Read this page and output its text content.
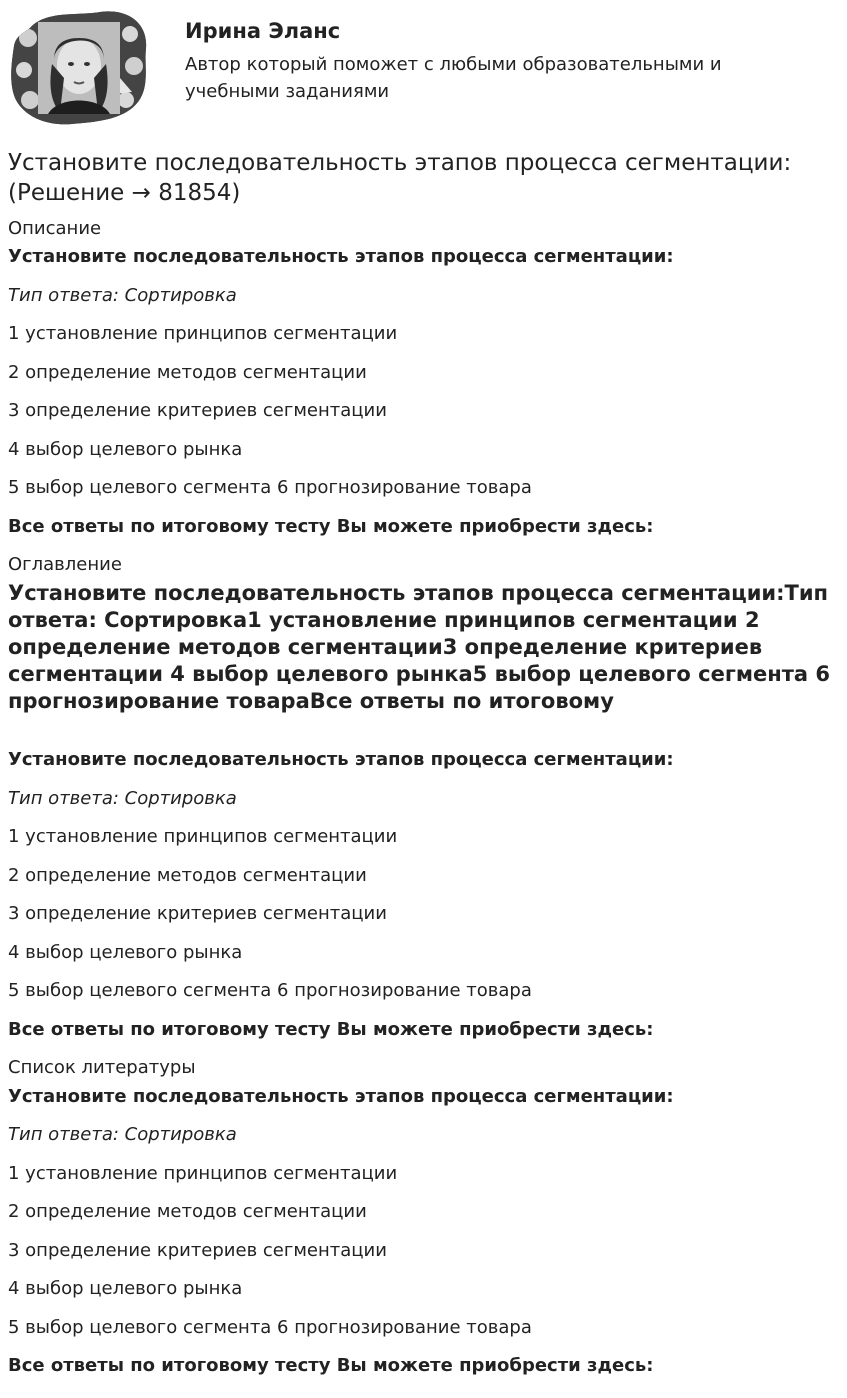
Ирина Эланс
Автор который поможет с любыми образовательными и учебными заданиями
Установите последовательность этапов процесса сегментации: (Решение → 81854)
Описание
Установите последовательность этапов процесса сегментации:
Тип ответа: Сортировка
1 установление принципов сегментации
2 определение методов сегментации
3 определение критериев сегментации
4 выбор целевого рынка
5 выбор целевого сегмента 6 прогнозирование товара
Все ответы по итоговому тесту Вы можете приобрести здесь:
Оглавление
Установите последовательность этапов процесса сегментации:Тип ответа: Сортировка1 установление принципов сегментации 2 определение методов сегментации3 определение критериев сегментации 4 выбор целевого рынка5 выбор целевого сегмента 6 прогнозирование товараВсе ответы по итоговому
Установите последовательность этапов процесса сегментации:
Тип ответа: Сортировка
1 установление принципов сегментации
2 определение методов сегментации
3 определение критериев сегментации
4 выбор целевого рынка
5 выбор целевого сегмента 6 прогнозирование товара
Все ответы по итоговому тесту Вы можете приобрести здесь:
Список литературы
Установите последовательность этапов процесса сегментации:
Тип ответа: Сортировка
1 установление принципов сегментации
2 определение методов сегментации
3 определение критериев сегментации
4 выбор целевого рынка
5 выбор целевого сегмента 6 прогнозирование товара
Все ответы по итоговому тесту Вы можете приобрести здесь:
